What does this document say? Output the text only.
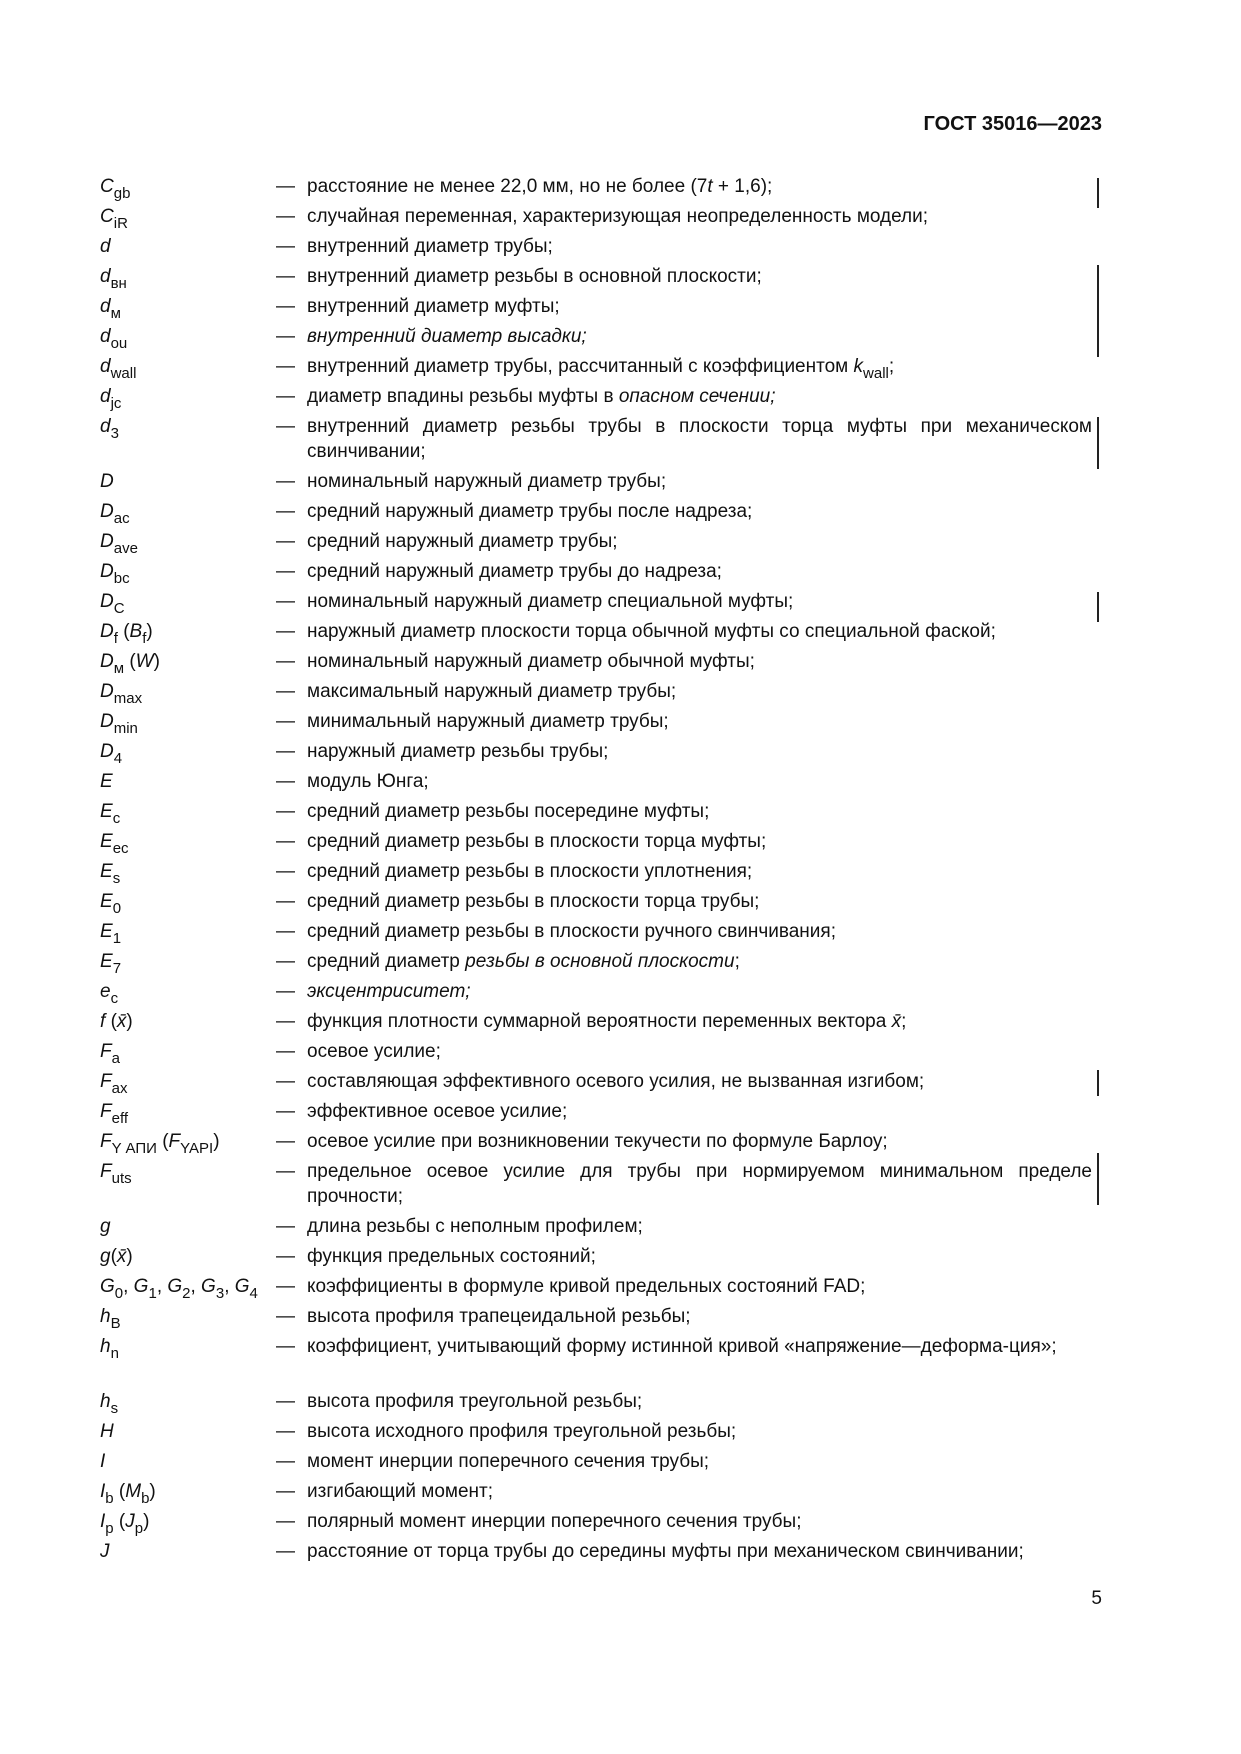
ГОСТ 35016—2023
$C_{gb}$	— расстояние не менее 22,0 мм, но не более (7t + 1,6);
$C_{iR}$	— случайная переменная, характеризующая неопределенность модели;
d	— внутренний диаметр трубы;
$d_{вн}$	— внутренний диаметр резьбы в основной плоскости;
$d_м$	— внутренний диаметр муфты;
$d_{ou}$	— внутренний диаметр высадки;
$d_{wall}$	— внутренний диаметр трубы, рассчитанный с коэффициентом $k_{wall}$;
$d_{jc}$	— диаметр впадины резьбы муфты в опасном сечении;
$d_3$	— внутренний диаметр резьбы трубы в плоскости торца муфты при механическом свинчивании;
D	— номинальный наружный диаметр трубы;
$D_{ac}$	— средний наружный диаметр трубы после надреза;
$D_{ave}$	— средний наружный диаметр трубы;
$D_{bc}$	— средний наружный диаметр трубы до надреза;
$D_C$	— номинальный наружный диаметр специальной муфты;
$D_f$ $(B_f)$	— наружный диаметр плоскости торца обычной муфты со специальной фаской;
$D_м$ (W)	— номинальный наружный диаметр обычной муфты;
$D_{max}$	— максимальный наружный диаметр трубы;
$D_{min}$	— минимальный наружный диаметр трубы;
$D_4$	— наружный диаметр резьбы трубы;
E	— модуль Юнга;
$E_c$	— средний диаметр резьбы посередине муфты;
$E_{ec}$	— средний диаметр резьбы в плоскости торца муфты;
$E_s$	— средний диаметр резьбы в плоскости уплотнения;
$E_0$	— средний диаметр резьбы в плоскости торца трубы;
$E_1$	— средний диаметр резьбы в плоскости ручного свинчивания;
$E_7$	— средний диаметр резьбы в основной плоскости;
$e_c$	— эксцентриситет;
f (x̄)	— функция плотности суммарной вероятности переменных вектора x̄;
$F_a$	— осевое усилие;
$F_{ax}$	— составляющая эффективного осевого усилия, не вызванная изгибом;
$F_{eff}$	— эффективное осевое усилие;
$F_{Y АПИ}$ $(F_{YAPI})$	— осевое усилие при возникновении текучести по формуле Барлоу;
$F_{uts}$	— предельное осевое усилие для трубы при нормируемом минимальном пределе прочности;
g	— длина резьбы с неполным профилем;
g(x̄)	— функция предельных состояний;
$G_0$, $G_1$, $G_2$, $G_3$, $G_4$ — коэффициенты в формуле кривой предельных состояний FAD;
$h_B$	— высота профиля трапецеидальной резьбы;
$h_n$	— коэффициент, учитывающий форму истинной кривой «напряжение—деформа-ция»;
$h_s$	— высота профиля треугольной резьбы;
H	— высота исходного профиля треугольной резьбы;
I	— момент инерции поперечного сечения трубы;
$I_b$ $(M_b)$	— изгибающий момент;
$I_p$ $(J_p)$	— полярный момент инерции поперечного сечения трубы;
J	— расстояние от торца трубы до середины муфты при механическом свинчивании;
5
